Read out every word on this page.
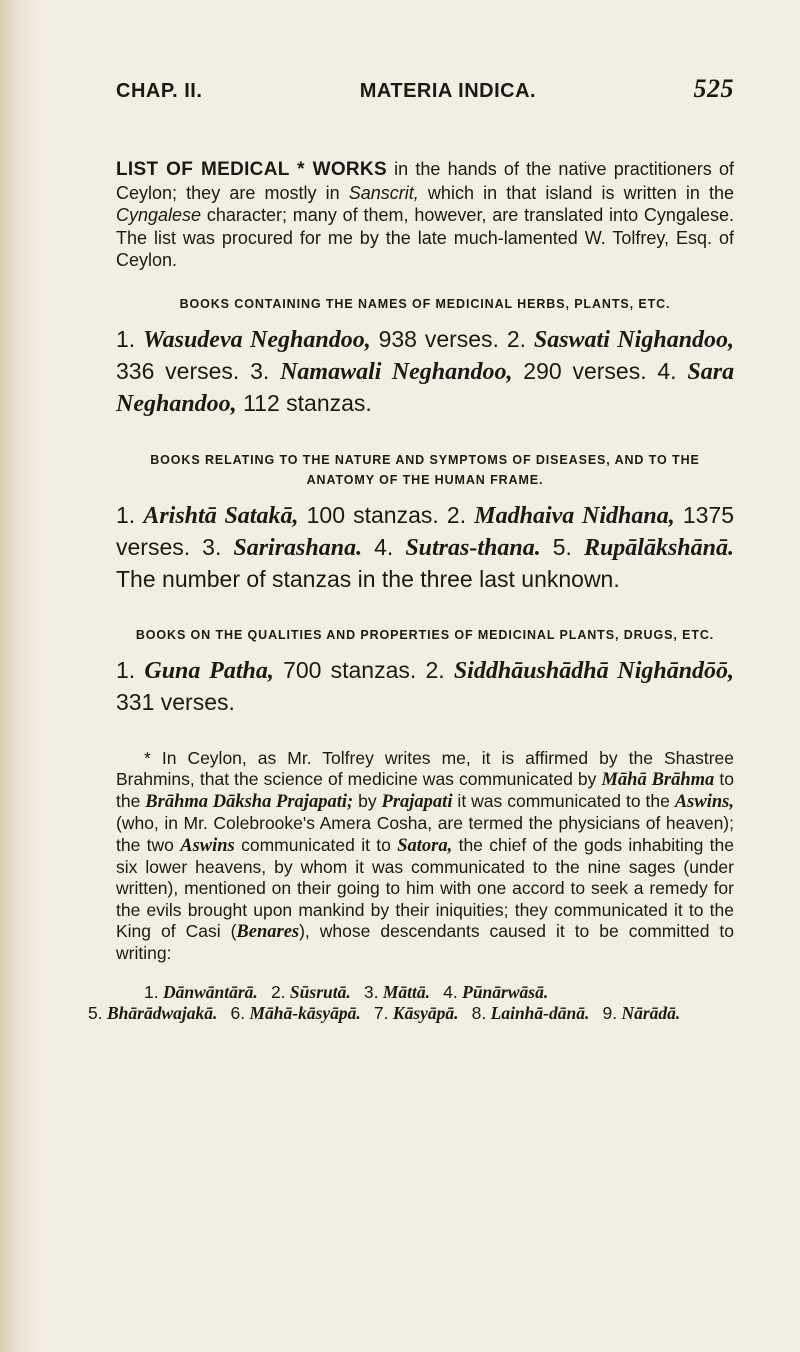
CHAP. II.	MATERIA INDICA.	525

LIST OF MEDICAL * WORKS in the hands of the native practitioners of Ceylon; they are mostly in Sanscrit, which in that island is written in the Cyngalese character; many of them, however, are translated into Cyngalese. The list was procured for me by the late much-lamented W. Tolfrey, Esq. of Ceylon.

BOOKS CONTAINING THE NAMES OF MEDICINAL HERBS, PLANTS, ETC.

1. Wasudeva Neghandoo, 938 verses. 2. Saswati Nighandoo, 336 verses. 3. Namawali Neghandoo, 290 verses. 4. Sara Neghandoo, 112 stanzas.

BOOKS RELATING TO THE NATURE AND SYMPTOMS OF DISEASES, AND TO THE ANATOMY OF THE HUMAN FRAME.

1. Arishtā Satakā, 100 stanzas. 2. Madhaiva Nidhana, 1375 verses. 3. Sarirashana. 4. Sutras-thana. 5. Rupālākshānā. The number of stanzas in the three last unknown.

BOOKS ON THE QUALITIES AND PROPERTIES OF MEDICINAL PLANTS, DRUGS, ETC.

1. Guna Patha, 700 stanzas. 2. Siddhāushādhā Nighāndōō, 331 verses.

* In Ceylon, as Mr. Tolfrey writes me, it is affirmed by the Shastree Brahmins, that the science of medicine was communicated by Māhā Brāhma to the Brāhma Dāksha Prajapati; by Prajapati it was communicated to the Aswins, (who, in Mr. Colebrooke's Amera Cosha, are termed the physicians of heaven); the two Aswins communicated it to Satora, the chief of the gods inhabiting the six lower heavens, by whom it was communicated to the nine sages (under written), mentioned on their going to him with one accord to seek a remedy for the evils brought upon mankind by their iniquities; they communicated it to the King of Casi (Benares), whose descendants caused it to be committed to writing:

1. Dānwāntārā. 2. Sūsrutā. 3. Māttā. 4. Pūnārwāsā.
5. Bhārādwajakā. 6. Māhā-kāsyāpā. 7. Kāsyāpā. 8. Lainhā-dānā. 9. Nārādā.
